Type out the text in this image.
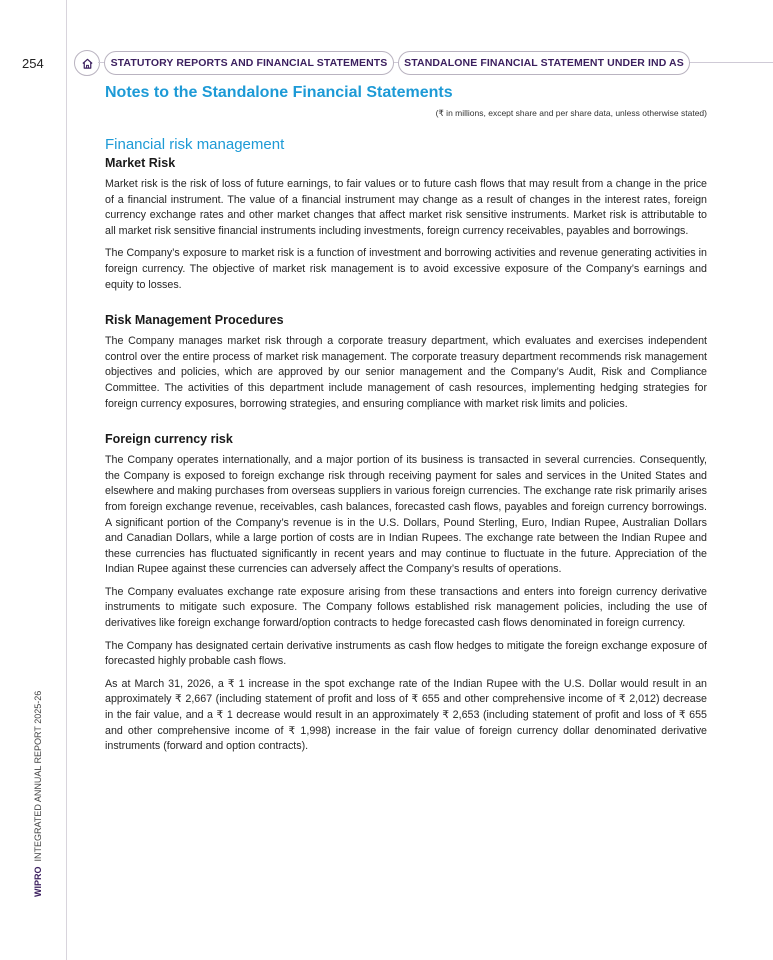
254	STATUTORY REPORTS AND FINANCIAL STATEMENTS	STANDALONE FINANCIAL STATEMENT UNDER IND AS
Notes to the Standalone Financial Statements
(₹ in millions, except share and per share data, unless otherwise stated)
Financial risk management
Market Risk

Market risk is the risk of loss of future earnings, to fair values or to future cash flows that may result from a change in the price of a financial instrument. The value of a financial instrument may change as a result of changes in the interest rates, foreign currency exchange rates and other market changes that affect market risk sensitive instruments. Market risk is attributable to all market risk sensitive financial instruments including investments, foreign currency receivables, payables and borrowings.

The Company’s exposure to market risk is a function of investment and borrowing activities and revenue generating activities in foreign currency. The objective of market risk management is to avoid excessive exposure of the Company’s earnings and equity to losses.

Risk Management Procedures

The Company manages market risk through a corporate treasury department, which evaluates and exercises independent control over the entire process of market risk management. The corporate treasury department recommends risk management objectives and policies, which are approved by our senior management and the Company’s Audit, Risk and Compliance Committee. The activities of this department include management of cash resources, implementing hedging strategies for foreign currency exposures, borrowing strategies, and ensuring compliance with market risk limits and policies.

Foreign currency risk

The Company operates internationally, and a major portion of its business is transacted in several currencies. Consequently, the Company is exposed to foreign exchange risk through receiving payment for sales and services in the United States and elsewhere and making purchases from overseas suppliers in various foreign currencies. The exchange rate risk primarily arises from foreign exchange revenue, receivables, cash balances, forecasted cash flows, payables and foreign currency borrowings. A significant portion of the Company’s revenue is in the U.S. Dollars, Pound Sterling, Euro, Indian Rupee, Australian Dollars and Canadian Dollars, while a large portion of costs are in Indian Rupees. The exchange rate between the Indian Rupee and these currencies has fluctuated significantly in recent years and may continue to fluctuate in the future. Appreciation of the Indian Rupee against these currencies can adversely affect the Company’s results of operations.

The Company evaluates exchange rate exposure arising from these transactions and enters into foreign currency derivative instruments to mitigate such exposure. The Company follows established risk management policies, including the use of derivatives like foreign exchange forward/option contracts to hedge forecasted cash flows denominated in foreign currency.

The Company has designated certain derivative instruments as cash flow hedges to mitigate the foreign exchange exposure of forecasted highly probable cash flows.

As at March 31, 2026, a ₹ 1 increase in the spot exchange rate of the Indian Rupee with the U.S. Dollar would result in an approximately ₹ 2,667 (including statement of profit and loss of ₹ 655 and other comprehensive income of ₹ 2,012) decrease in the fair value, and a ₹ 1 decrease would result in an approximately ₹ 2,653 (including statement of profit and loss of ₹ 655 and other comprehensive income of ₹ 1,998) increase in the fair value of foreign currency dollar denominated derivative instruments (forward and option contracts).

WIPROINTEGRATED ANNUAL REPORT 2025-26
